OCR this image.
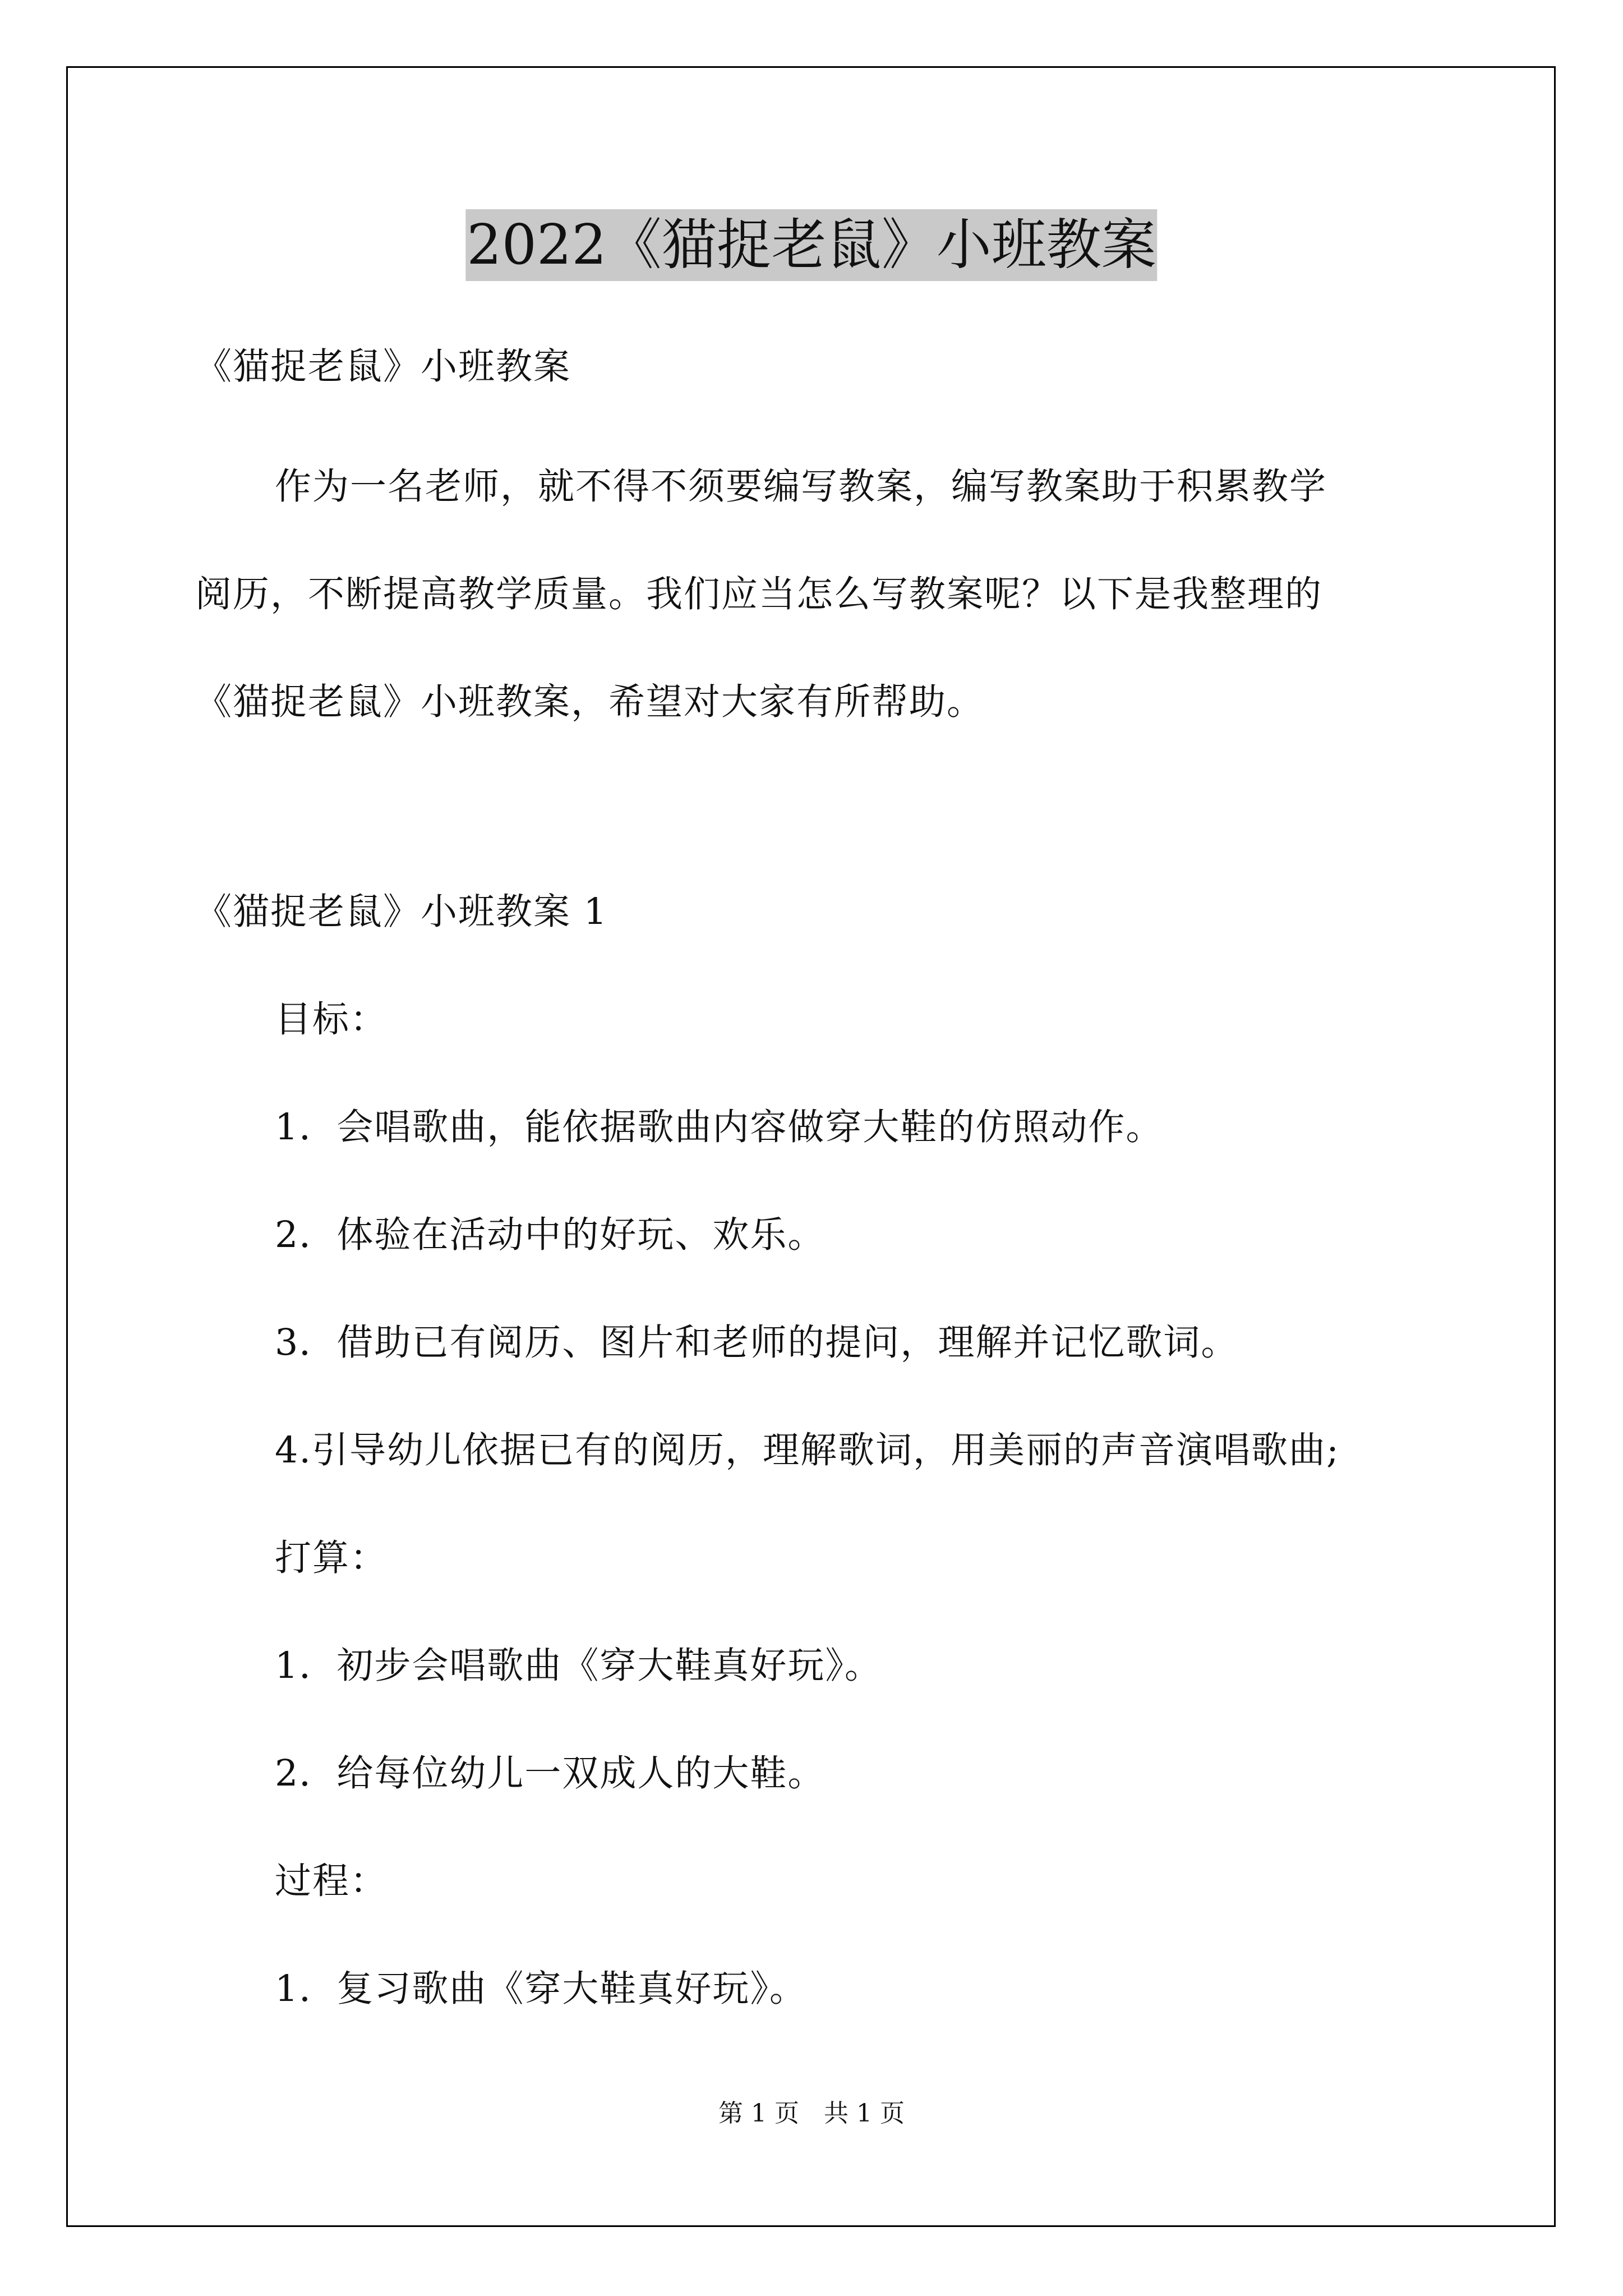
2022《猫捉老鼠》小班教案
《猫捉老鼠》小班教案
作为一名老师，就不得不须要编写教案，编写教案助于积累教学
阅历，不断提高教学质量。我们应当怎么写教案呢？以下是我整理的
《猫捉老鼠》小班教案，希望对大家有所帮助。
《猫捉老鼠》小班教案 1
目标：
1．会唱歌曲，能依据歌曲内容做穿大鞋的仿照动作。
2．体验在活动中的好玩、欢乐。
3．借助已有阅历、图片和老师的提问，理解并记忆歌词。
4.引导幼儿依据已有的阅历，理解歌词，用美丽的声音演唱歌曲;
打算：
1．初步会唱歌曲《穿大鞋真好玩》。
2．给每位幼儿一双成人的大鞋。
过程：
1．复习歌曲《穿大鞋真好玩》。
第 1 页　共 1 页
